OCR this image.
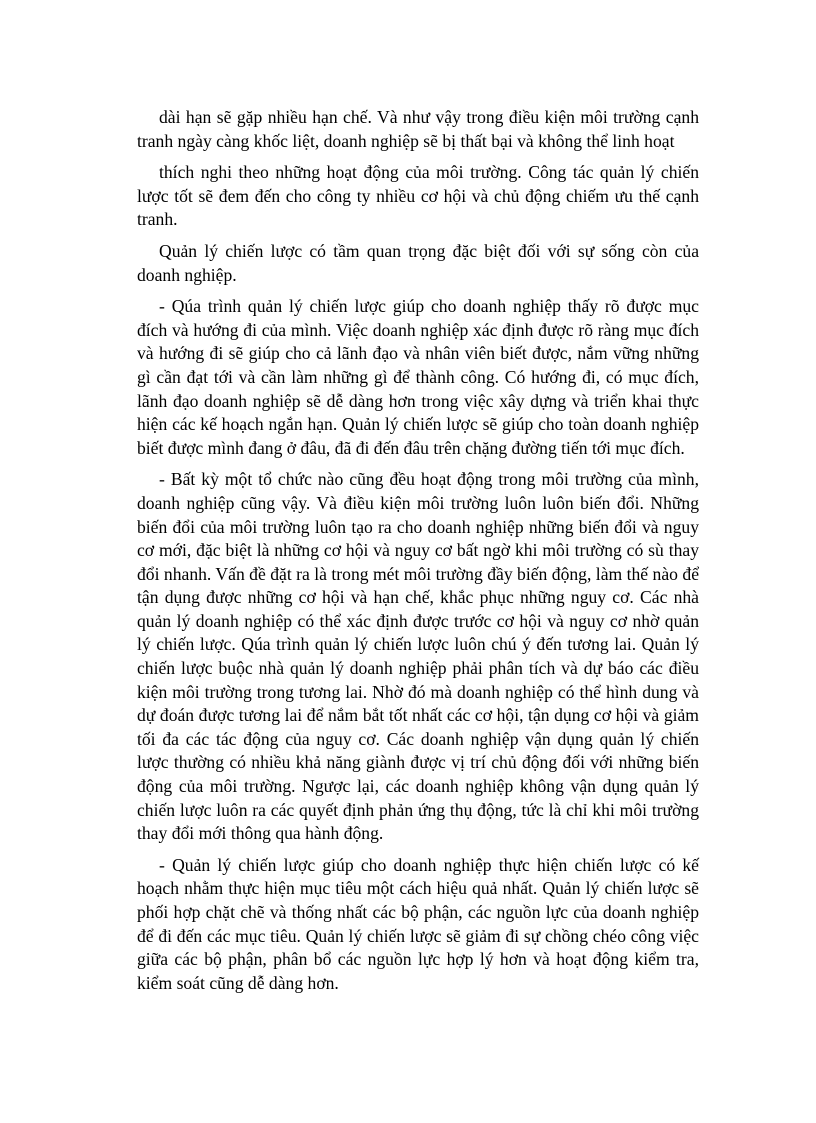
dài hạn sẽ gặp nhiều hạn chế. Và như vậy trong điều kiện môi trường cạnh tranh ngày càng khốc liệt, doanh nghiệp sẽ bị thất bại và không thể linh hoạt

thích nghi theo những hoạt động của môi trường. Công tác quản lý chiến lược tốt sẽ đem đến cho công ty nhiều cơ hội và chủ động chiếm ưu thế cạnh tranh.

Quản lý chiến lược có tầm quan trọng đặc biệt đối với sự sống còn của doanh nghiệp.

- Qúa trình quản lý chiến lược giúp cho doanh nghiệp thấy rõ được mục đích và hướng đi của mình. Việc doanh nghiệp xác định được rõ ràng mục đích và hướng đi sẽ giúp cho cả lãnh đạo và nhân viên biết được, nắm vững những gì cần đạt tới và cần làm những gì để thành công. Có hướng đi, có mục đích, lãnh đạo doanh nghiệp sẽ dễ dàng hơn trong việc xây dựng và triển khai thực hiện các kế hoạch ngắn hạn. Quản lý chiến lược sẽ giúp cho toàn doanh nghiệp biết được mình đang ở đâu, đã đi đến đâu trên chặng đường tiến tới mục đích.

- Bất kỳ một tổ chức nào cũng đều hoạt động trong môi trường của mình, doanh nghiệp cũng vậy. Và điều kiện môi trường luôn luôn biến đổi. Những biến đổi của môi trường luôn tạo ra cho doanh nghiệp những biến đổi và nguy cơ mới, đặc biệt là những cơ hội và nguy cơ bất ngờ khi môi trường có sù thay đổi nhanh. Vấn đề đặt ra là trong mét môi trường đầy biến động, làm thế nào để tận dụng được những cơ hội và hạn chế, khắc phục những nguy cơ. Các nhà quản lý doanh nghiệp có thể xác định được trước cơ hội và nguy cơ nhờ quản lý chiến lược. Qúa trình quản lý chiến lược luôn chú ý đến tương lai. Quản lý chiến lược buộc nhà quản lý doanh nghiệp phải phân tích và dự báo các điều kiện môi trường trong tương lai. Nhờ đó mà doanh nghiệp có thể hình dung và dự đoán được tương lai để nắm bắt tốt nhất các cơ hội, tận dụng cơ hội và giảm tối đa các tác động của nguy cơ. Các doanh nghiệp vận dụng quản lý chiến lược thường có nhiều khả năng giành được vị trí chủ động đối với những biến động của môi trường. Ngược lại, các doanh nghiệp không vận dụng quản lý chiến lược luôn ra các quyết định phản ứng thụ động, tức là chỉ khi môi trường thay đổi mới thông qua hành động.

- Quản lý chiến lược giúp cho doanh nghiệp thực hiện chiến lược có kế hoạch nhằm thực hiện mục tiêu một cách hiệu quả nhất. Quản lý chiến lược sẽ phối hợp chặt chẽ và thống nhất các bộ phận, các nguồn lực của doanh nghiệp để đi đến các mục tiêu. Quản lý chiến lược sẽ giảm đi sự chồng chéo công việc giữa các bộ phận, phân bổ các nguồn lực hợp lý hơn và hoạt động kiểm tra, kiểm soát cũng dễ dàng hơn.
